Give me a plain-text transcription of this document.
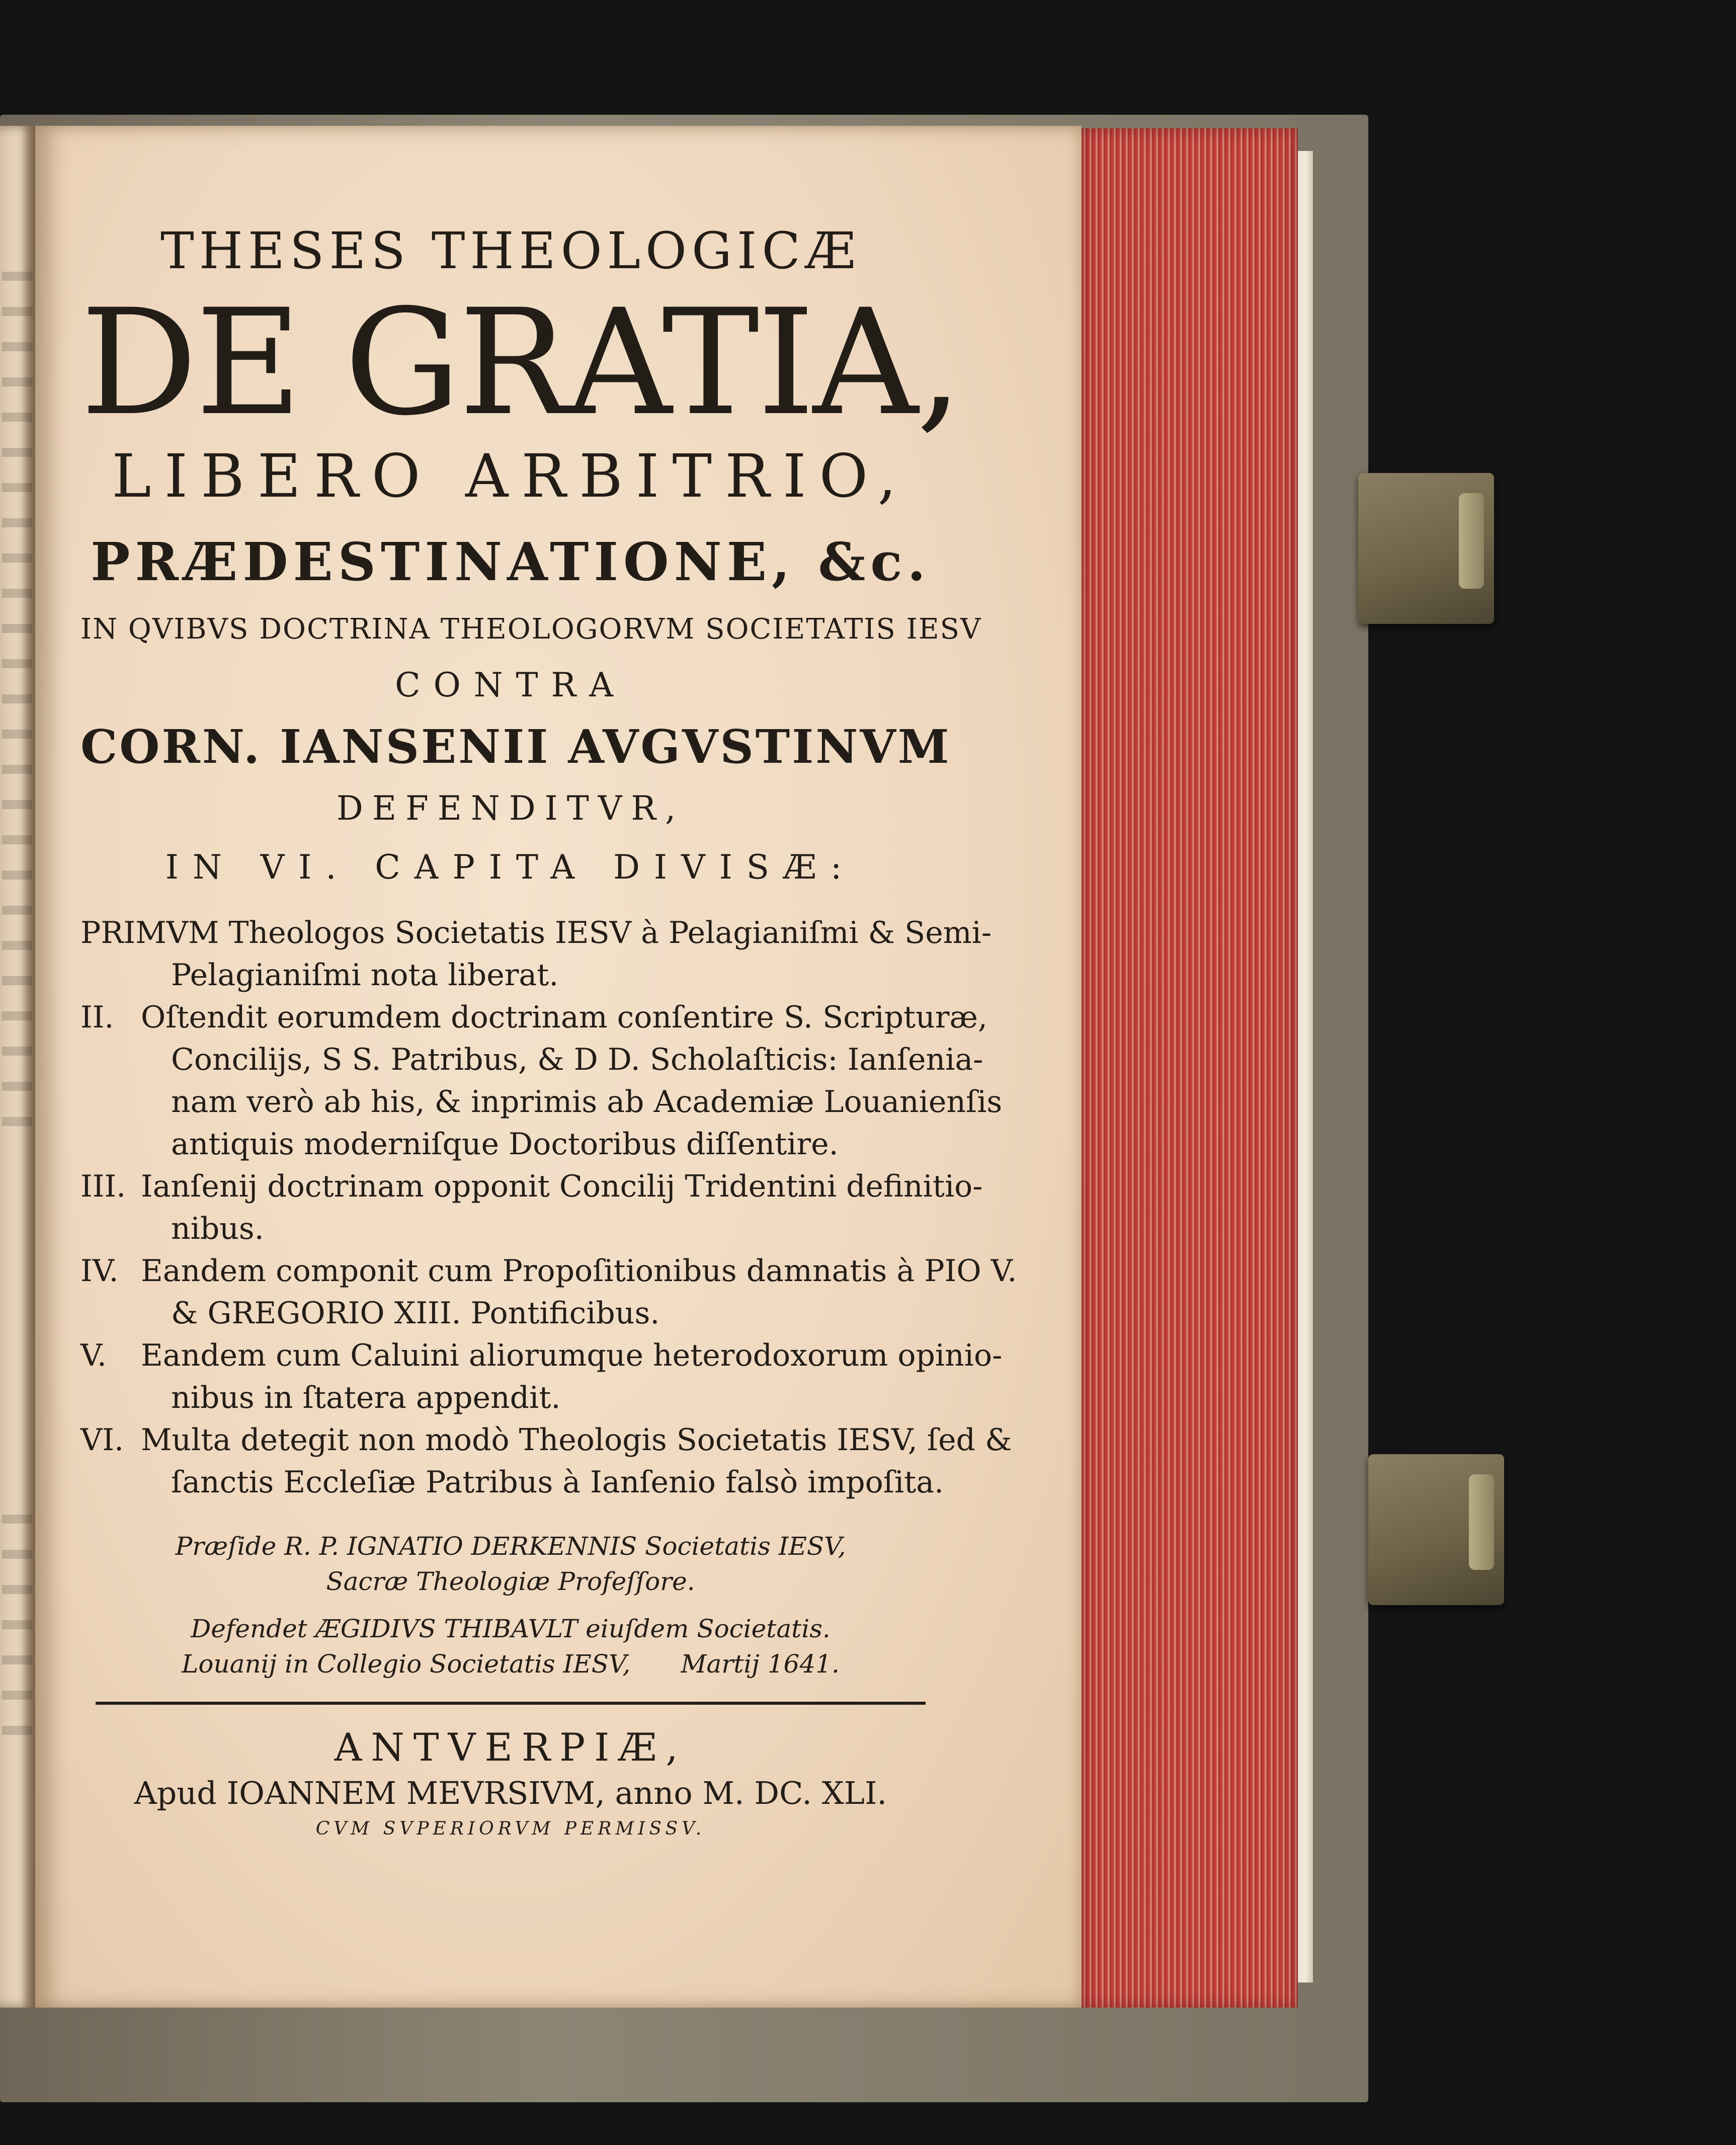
THESES THEOLOGICÆ
DE GRATIA,
LIBERO ARBITRIO,
PRÆDESTINATIONE, &c.
IN QVIBVS DOCTRINA THEOLOGORVM SOCIETATIS IESV
CONTRA
CORN. IANSENII AVGVSTINVM
DEFENDITVR,
IN VI. CAPITA DIVISÆ:
PRIMVM Theologos Societatis IESV à Pelagianiſmi & Semi-
Pelagianiſmi nota liberat.
II. Oſtendit eorumdem doctrinam conſentire S. Scripturæ,
Concilijs, S S. Patribus, & D D. Scholaſticis: Ianſenia-
nam verò ab his, & inprimis ab Academiæ Louanienſis
antiquis moderniſque Doctoribus diſſentire.
III. Ianſenij doctrinam opponit Concilij Tridentini definitio-
nibus.
IV. Eandem componit cum Propoſitionibus damnatis à PIO V.
& GREGORIO XIII. Pontificibus.
V.	Eandem cum Caluini aliorumque heterodoxorum opinio-
nibus in ſtatera appendit.
VI. Multa detegit non modò Theologis Societatis IESV, ſed &
ſanctis Eccleſiæ Patribus à Ianſenio falsò impoſita.
Præſide R. P. IGNATIO DERKENNIS Societatis IESV,
Sacræ Theologiæ Profeſſore.
Defendet ÆGIDIVS THIBAVLT eiuſdem Societatis.
Louanij in Collegio Societatis IESV, Martij 1641.
ANTVERPIÆ,
Apud IOANNEM MEVRSIVM, anno M. DC. XLI.
CVM SVPERIORVM PERMISSV.
